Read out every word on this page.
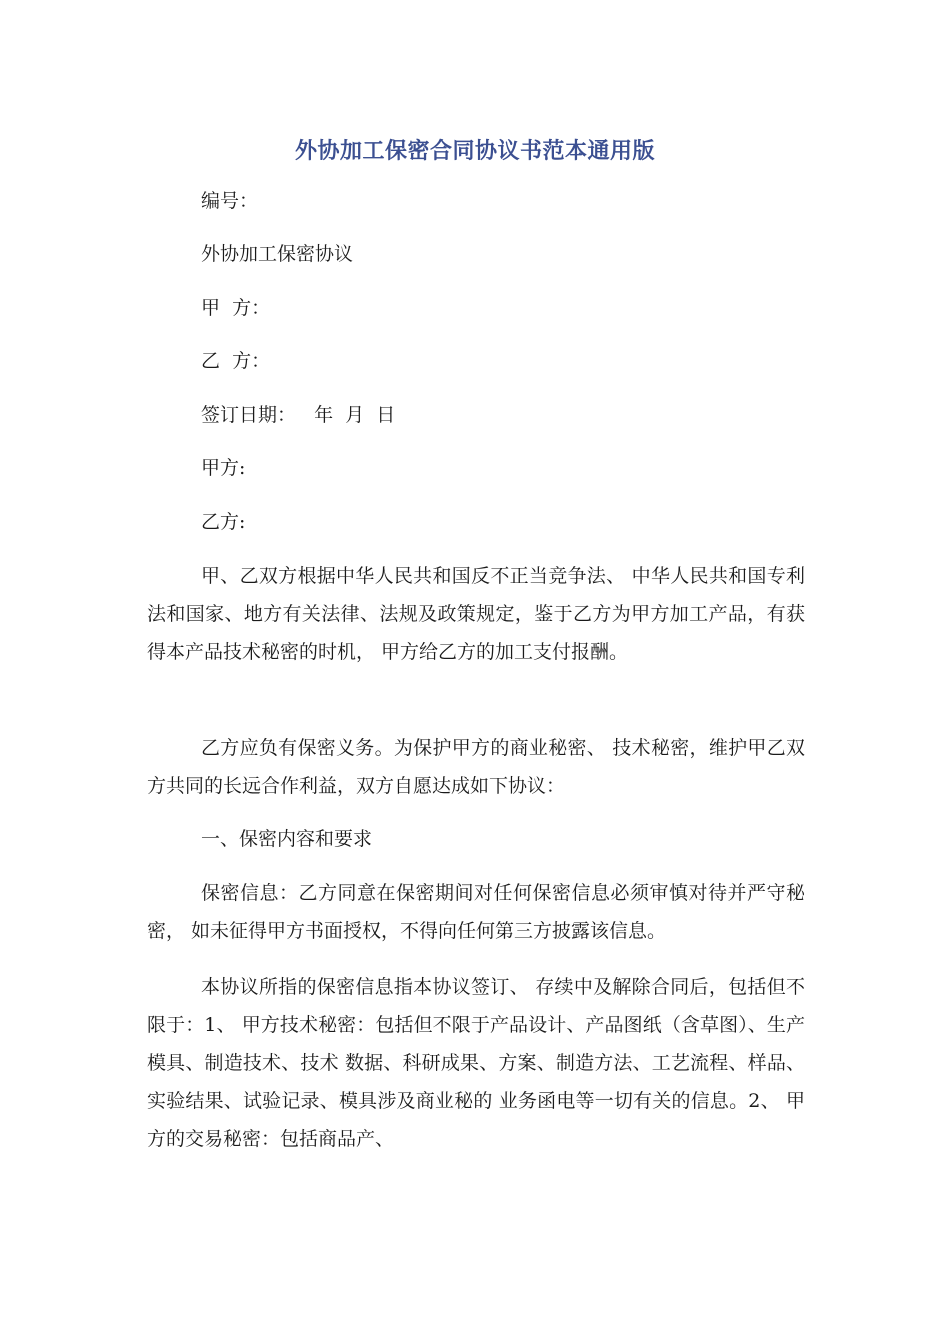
外协加工保密合同协议书范本通用版
编号：
外协加工保密协议
甲  方：
乙  方：
签订日期：   年  月  日
甲方:
乙方:
甲、乙双方根据中华人民共和国反不正当竞争法、 中华人民共和国专利法和国家、地方有关法律、法规及政策规定，鉴于乙方为甲方加工产品，有获得本产品技术秘密的时机， 甲方给乙方的加工支付报酬。
乙方应负有保密义务。为保护甲方的商业秘密、 技术秘密，维护甲乙双方共同的长远合作利益，双方自愿达成如下协议：
一、保密内容和要求
保密信息：乙方同意在保密期间对任何保密信息必须审慎对待并严守秘密， 如未征得甲方书面授权，不得向任何第三方披露该信息。
本协议所指的保密信息指本协议签订、 存续中及解除合同后，包括但不限于：1、 甲方技术秘密：包括但不限于产品设计、产品图纸（含草图）、生产模具、制造技术、技术 数据、科研成果、方案、制造方法、工艺流程、样品、实验结果、试验记录、模具涉及商业秘的 业务函电等一切有关的信息。2、 甲方的交易秘密：包括商品产、
